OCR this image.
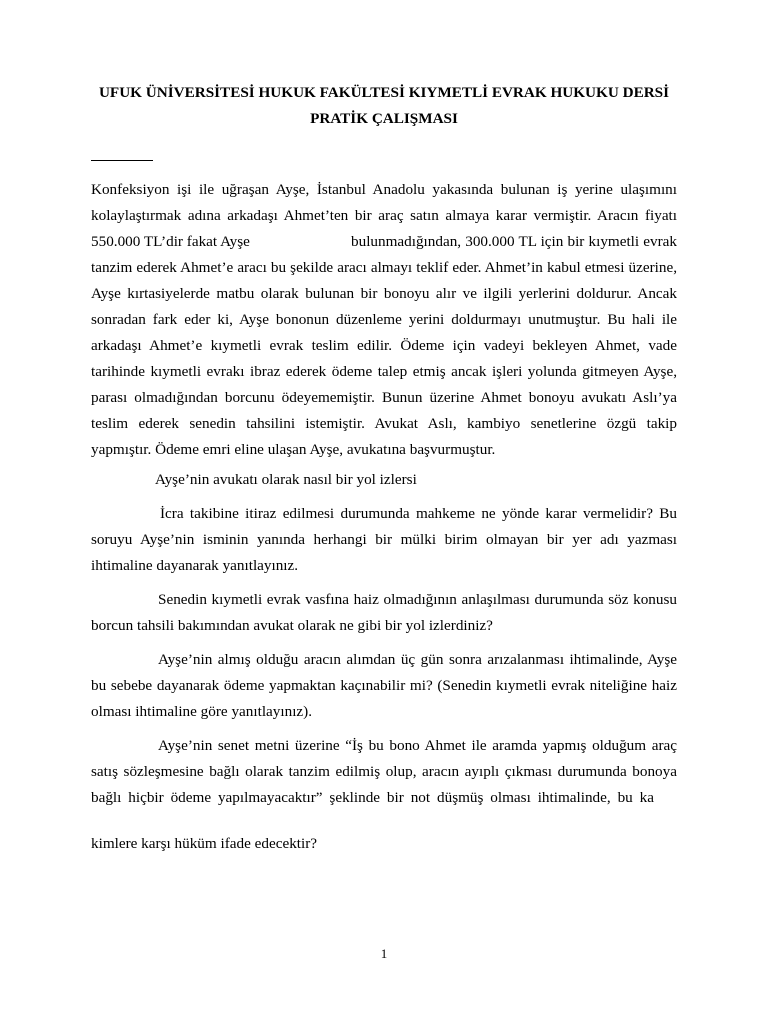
UFUK ÜNİVERSİTESİ HUKUK FAKÜLTESİ KIYMETLİ EVRAK HUKUKU DERSİ
PRATİK ÇALIŞMASI
Konfeksiyon işi ile uğraşan Ayşe, İstanbul Anadolu yakasında bulunan iş yerine ulaşımını
kolaylaştırmak adına arkadaşı Ahmet’ten bir araç satın almaya karar vermiştir. Aracın fiyatı
550.000 TL’dir fakat Ayşe	bulunmadığından, 300.000 TL için bir kıymetli evrak
tanzim ederek Ahmet’e aracı bu şekilde aracı almayı teklif eder. Ahmet’in kabul etmesi üzerine,
Ayşe kırtasiyelerde matbu olarak bulunan bir bonoyu alır ve ilgili yerlerini doldurur. Ancak
sonradan fark eder ki, Ayşe bononun düzenleme yerini doldurmayı unutmuştur. Bu hali ile
arkadaşı Ahmet’e kıymetli evrak teslim edilir. Ödeme için vadeyi bekleyen Ahmet, vade
tarihinde kıymetli evrakı ibraz ederek ödeme talep etmiş ancak işleri yolunda gitmeyen Ayşe,
parası olmadığından borcunu ödeyememiştir. Bunun üzerine Ahmet bonoyu avukatı Aslı’ya
teslim ederek senedin tahsilini istemiştir. Avukat Aslı, kambiyo senetlerine özgü takip
yapmıştır. Ödeme emri eline ulaşan Ayşe, avukatına başvurmuştur.
Ayşe’nin avukatı olarak nasıl bir yol izlersi
İcra takibine itiraz edilmesi durumunda mahkeme ne yönde karar vermelidir? Bu
soruyu Ayşe’nin isminin yanında herhangi bir mülki birim olmayan bir yer adı yazması
ihtimaline dayanarak yanıtlayınız.
Senedin kıymetli evrak vasfına haiz olmadığının anlaşılması durumunda söz konusu
borcun tahsili bakımından avukat olarak ne gibi bir yol izlerdiniz?
Ayşe’nin almış olduğu aracın alımdan üç gün sonra arızalanması ihtimalinde, Ayşe
bu sebebe dayanarak ödeme yapmaktan kaçınabilir mi? (Senedin kıymetli evrak niteliğine haiz
olması ihtimaline göre yanıtlayınız).
Ayşe’nin senet metni üzerine “İş bu bono Ahmet ile aramda yapmış olduğum araç
satış sözleşmesine bağlı olarak tanzim edilmiş olup, aracın ayıplı çıkması durumunda bonoya
bağlı hiçbir ödeme yapılmayacaktır” şeklinde bir not düşmüş olması ihtimalinde, bu ka
kimlere karşı hüküm ifade edecektir?
1
